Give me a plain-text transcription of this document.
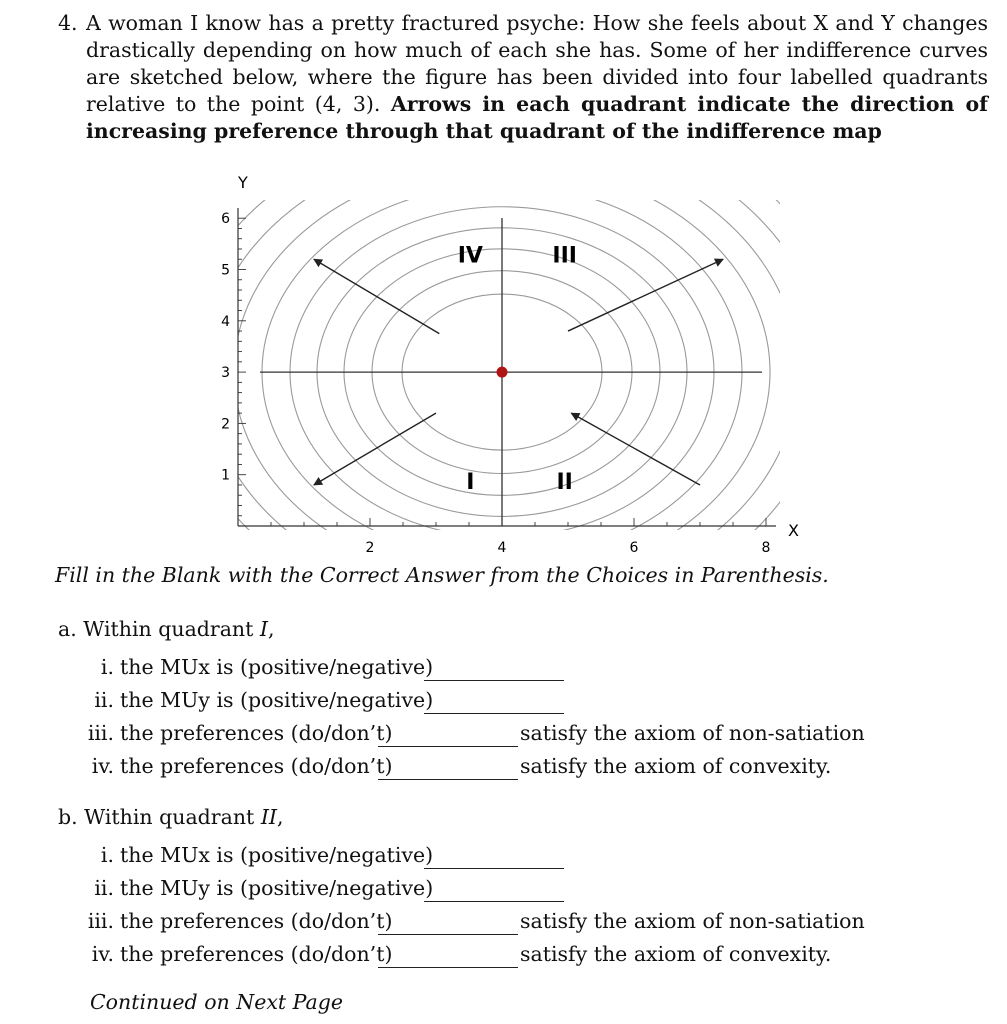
4. A woman I know has a pretty fractured psyche: How she feels about X and Y changes drastically depending on how much of each she has. Some of her indifference curves are sketched below, where the figure has been divided into four labelled quadrants relative to the point (4, 3). Arrows in each quadrant indicate the direction of increasing preference through that quadrant of the indifference map
2	4	6	8
1
2
3
4
5
6
Y
X
I	II
III
IV
Fill in the Blank with the Correct Answer from the Choices in Parenthesis.
a. Within quadrant I,
i. the MUx is (positive/negative)
ii. the MUy is (positive/negative)
iii. the preferences (do/don’t)	satisfy the axiom of non-satiation
iv. the preferences (do/don’t)	satisfy the axiom of convexity.
b. Within quadrant II,
i. the MUx is (positive/negative)
ii. the MUy is (positive/negative)
iii. the preferences (do/don’t)	satisfy the axiom of non-satiation
iv. the preferences (do/don’t)	satisfy the axiom of convexity.
Continued on Next Page
